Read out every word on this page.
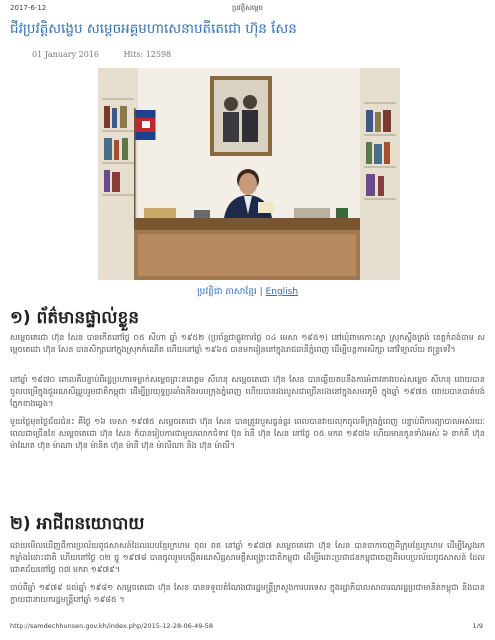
2017-6-12	ប្រវត្តិសម្តេច
ជីវប្រវត្តិសង្ខេប សម្តេចអគ្គមហាសេនាបតីតេជោ ហ៊ុន សែន
01 January 2016	Hits: 12598
ប្រវត្តិជា ភាសាខ្មែរ | English
១) ព័ត៌មានផ្ទាល់ខ្លួន
សម្តេចតេជោ ហ៊ុន សែន បានកើតនៅថ្ងៃ ០៥ សីហា ឆ្នាំ ១៩៥២ (ប្រព័ន្ធជាផ្លូវការថ្ងៃ ០៤ មេសា ១៩៥១) នៅឃុំពាមកោះស្នា ស្រុកស្ទឹងត្រង់ ខេត្តកំពង់ចាម សម្តេចតេជោ ហ៊ុន សែន បានសិក្សានៅក្នុងស្រុកកំណើត ហើយនៅឆ្នាំ ១៩៦៥ បានមករៀននៅក្នុងរាជធានីភ្នំពេញ ដើម្បីបន្តការសិក្សា នៅវិទ្យាល័យ ឥន្ទ្រទេវី។
នៅឆ្នាំ ១៩៧០ ពោលគឺបន្ទាប់ពីរដ្ឋប្រហារទម្លាក់សម្តេចព្រះនរោត្តម សីហនុ សម្តេចតេជោ ហ៊ុន សែន បានឆ្លើយតបនឹងការអំពាវនាវរបស់សម្តេច សីហនុ ដោយបានចូលបម្រើក្នុងជួររណសិរ្សរួបរួមជាតិកម្ពុជា ដើម្បីប្រយុទ្ធប្រឆាំងនឹងរបបក្រុងភ្នំពេញ ហើយបានរងរបួសជាច្រើនដងនៅក្នុងសមរភូមិ ក្នុងឆ្នាំ ១៩៧៥ ដោយបានបាត់បង់ភ្នែកខាងឆ្វេង។
មួយថ្ងៃមុនថ្ងៃជ័យជំនះ គឺថ្ងៃ ១៦ មេសា ១៩៧៥ សម្តេចតេជោ ហ៊ុន សែន បានត្រូវរបួសធ្ងន់ធ្ងរ ពេលបានវាយលុកចូលទីក្រុងភ្នំពេញ បន្ទាប់ពីការព្យាបាលអស់រយៈពេលជាច្រើនខែ សម្តេចតេជោ ហ៊ុន សែន ក៏បានរៀបការជាមួយលោកជំទាវ ប៊ុន រ៉ានី ហ៊ុន សែន នៅថ្ងៃ ០៥ មករា ១៩៧៦ ហើយមានកូនទាំងអស់ ៦ នាក់គឺ ហ៊ុន ម៉ាណែត ហ៊ុន ម៉ាណា ហ៊ុន ម៉ានិត ហ៊ុន ម៉ានី ហ៊ុន ម៉ាលីណា និង ហ៊ុន ម៉ាលី។
២) អាជីពនយោបាយ
ដោយមើលឃើញពីការប្រល័យពូជសាសន៍ដែលរបបខ្មែរក្រហម ពុល ពត នៅឆ្នាំ ១៩៧៧ សម្តេចតេជោ ហ៊ុន សែន បានចាកចេញពីក្រុមខ្មែរក្រហម ដើម្បីស្វែងរកកម្លាំងរំដោះជាតិ ហើយនៅថ្ងៃ ០២ ធ្នូ ១៩៧៨ បានចូលរួមបង្កើតរណសិរ្សសាមគ្គីសង្គ្រោះជាតិកម្ពុជា ដើម្បីរំដោះប្រជាជនកម្ពុជាចេញពីរបបប្រល័យពូជសាសន៍ ដែលជោគជ័យនៅថ្ងៃ ០៧ មករា ១៩៧៩។
ចាប់ពីឆ្នាំ ១៩៧៩ ដល់ឆ្នាំ ១៩៨១ សម្តេចតេជោ ហ៊ុន សែន បានទទួលតំណែងជារដ្ឋមន្ត្រីក្រសួងការបរទេស ក្នុងរដ្ឋាភិបាលសាធារណរដ្ឋប្រជាមានិតកម្ពុជា និងបានក្លាយជានាយករដ្ឋមន្ត្រីនៅឆ្នាំ ១៩៨៥ ។
http://samdechhunsen.gov.kh/index.php/2015-12-28-06-49-58	1/9
